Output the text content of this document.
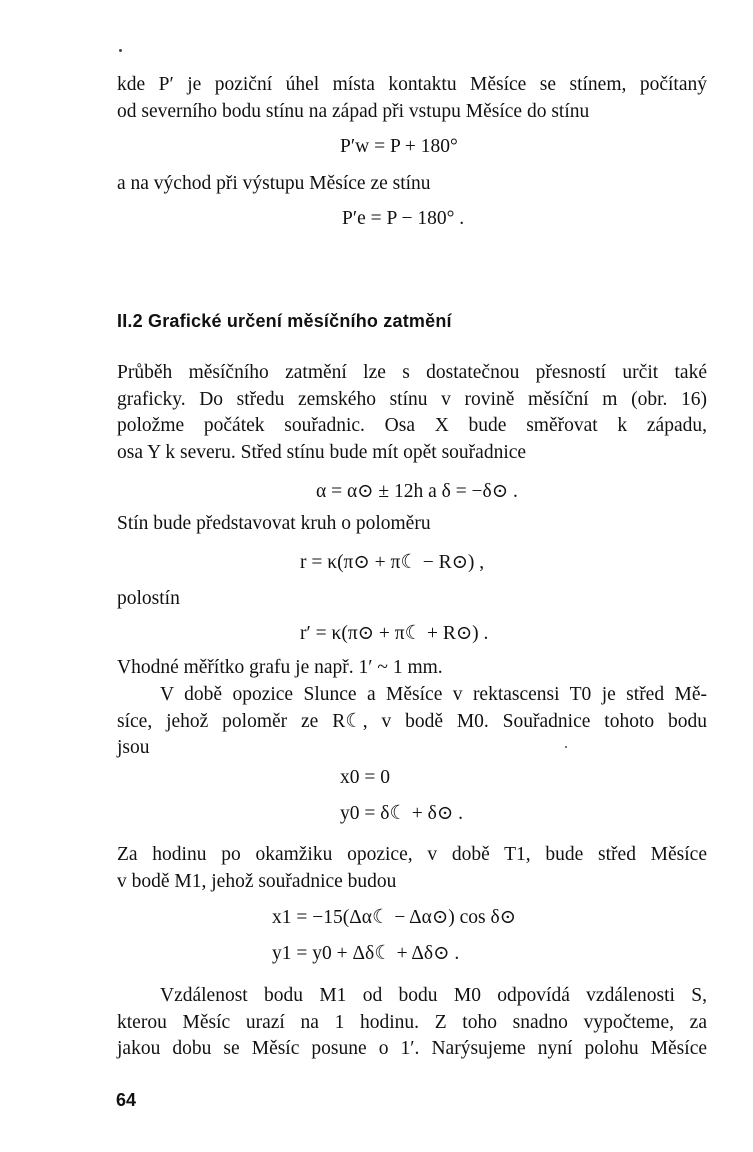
kde P′ je poziční úhel místa kontaktu Měsíce se stínem, počítaný
od severního bodu stínu na západ při vstupu Měsíce do stínu

P′w = P + 180°

a na východ při výstupu Měsíce ze stínu

P′e = P − 180° .
II.2 Grafické určení měsíčního zatmění

Průběh měsíčního zatmění lze s dostatečnou přesností určit také
graficky. Do středu zemského stínu v rovině měsíční m (obr. 16)
položme počátek souřadnic. Osa X bude směřovat k západu,
osa Y k severu. Střed stínu bude mít opět souřadnice

α = α⊙ ± 12h a δ = −δ⊙ .

Stín bude představovat kruh o poloměru

r = κ(π⊙ + π☾ − R⊙) ,
polostín
r′ = κ(π⊙ + π☾ + R⊙) .

Vhodné měřítko grafu je např. 1′ ~ 1 mm.

V době opozice Slunce a Měsíce v rektascensi T0 je střed Mě-
síce, jehož poloměr ze R☾, v bodě M0. Souřadnice tohoto bodu
jsou

x0 = 0
y0 = δ☾ + δ⊙ .

Za hodinu po okamžiku opozice, v době T1, bude střed Měsíce
v bodě M1, jehož souřadnice budou

x1 = −15(Δα☾ − Δα⊙) cos δ⊙
y1 = y0 + Δδ☾ + Δδ⊙ .

Vzdálenost bodu M1 od bodu M0 odpovídá vzdálenosti S,
kterou Měsíc urazí na 1 hodinu. Z toho snadno vypočteme, za
jakou dobu se Měsíc posune o 1′. Narýsujeme nyní polohu Měsíce

64
